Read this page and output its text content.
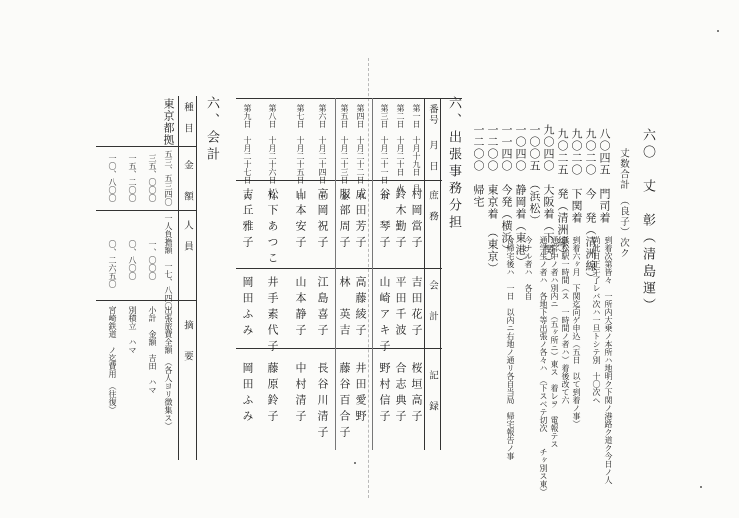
六〇　丈　彰（清島運）
丈数合計　（良子）次ク
八〇四五　門司着
九〇二〇　今　発（清洲線）
九〇二〇　下関着
九〇二五　発（清洲線）
九〇四〇　大阪着（下関）
一〇〇五　（浜松）
一〇四〇　静岡着（東港）
一一四〇　今発（横浜）
一二〇〇　東京着　（東京）
一二〇〇　帰宅　
到着次第皆々　一所内大乗ノ本所ハ地明ク下関ノ港路ク道ク今日ノ人
尚此日正午了レバ次ハ一旦トシテ別　十〇次ヘ
到着六ヶ月　下関迄向ゲ申込（五日　以て到着ノ事）
浜松駅一時間（ス　一時間ノ者ハ）着後改て六
通常中ノ者ハ別内ニ　（五ヶ所ニ）東ス　着レヲ　電報テス
通学生ノ者ハ　各地下等出張ノ各々ハ　（下スベテ切次　　チヶ別ス東）
今ナル者ハ　各自
合帰宅後ハ　一日　以内ニ右地ノ通リ各自当局　帰宅報告ノ事
六、出張事務分担
番号
月　日
庶　務
会　計
記　録
第一日　十月十九日　月
村岡當子
吉田花子
桜垣高子
第二日　十月二十日　火
鈴木勤子
平田千波
合志典子
第三日　十月二十一日　水
谷　琴子
山崎アキ子
野村信子
第四日　十月二十二日　木
成田芳子
高藤綾子
井田愛野
第五日　十月二十三日　金
服部周子
林　英吉
藤谷百合子
第六日　十月二十四日　土
高岡祝子
江島喜子
長谷川清子
第七日　十月二十五日　日
山本安子
山本静子
中村清子
第八日　十月二十六日　月
松下あつこ
井手素代子
藤原鈴子
第九日　十月二十七日　火
吉丘雅子
岡田ふみ
岡田ふみ
六、会計
種　目
金　額
人　員
摘　要
東京都拠
五三、五三四〇
一人負擔額　一七、八四〇
出張旅費全額　（各人ヨリ徴集ス）
三五、〇〇〇
一、〇〇〇
小計　金額　吉田　ハマ
一五、二〇〇
〇、八〇〇
別積立　ハマ
一〇、八〇〇
〇、二六五〇
宮崎鉄道　ノ迄費用　（往復）
